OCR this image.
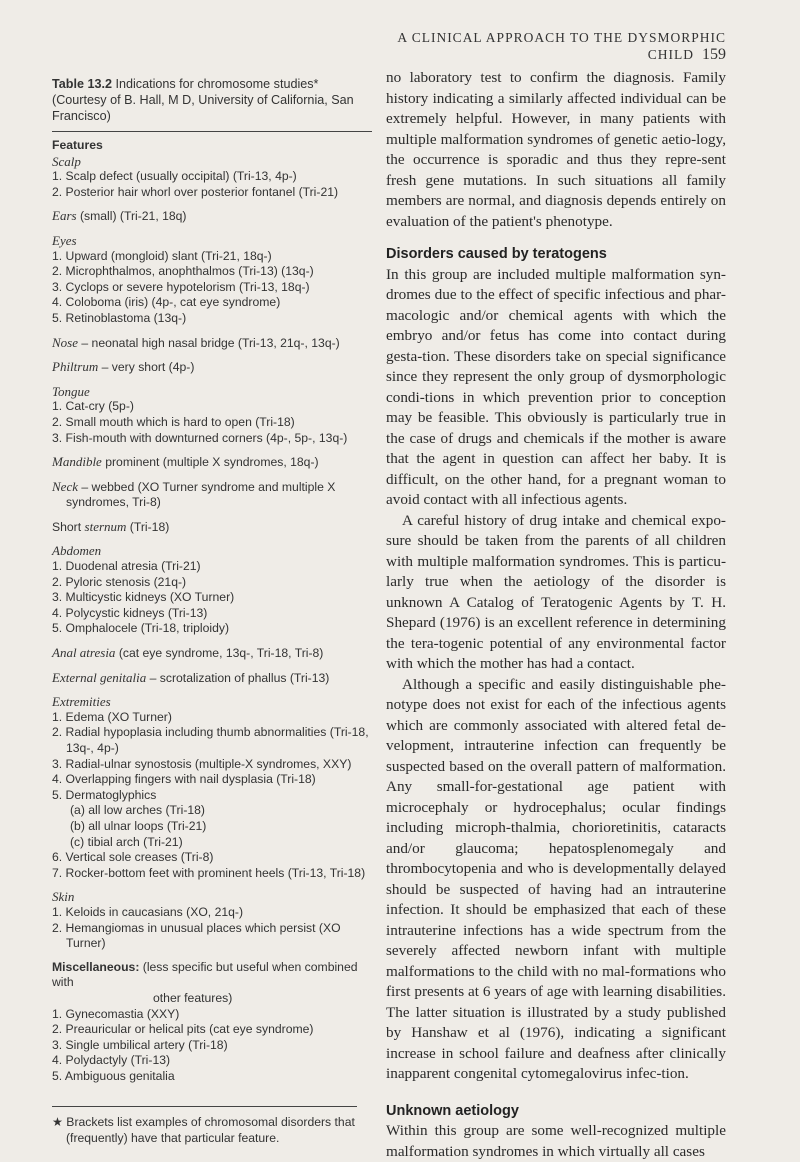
A CLINICAL APPROACH TO THE DYSMORPHIC CHILD 159
Table 13.2 Indications for chromosome studies* (Courtesy of B. Hall, M D, University of California, San Francisco)
Features
Scalp
1. Scalp defect (usually occipital) (Tri-13, 4p-)
2. Posterior hair whorl over posterior fontanel (Tri-21)
Ears (small) (Tri-21, 18q)
Eyes
1. Upward (mongloid) slant (Tri-21, 18q-)
2. Microphthalmos, anophthalmos (Tri-13) (13q-)
3. Cyclops or severe hypotelorism (Tri-13, 18q-)
4. Coloboma (iris) (4p-, cat eye syndrome)
5. Retinoblastoma (13q-)
Nose – neonatal high nasal bridge (Tri-13, 21q-, 13q-)
Philtrum – very short (4p-)
Tongue
1. Cat-cry (5p-)
2. Small mouth which is hard to open (Tri-18)
3. Fish-mouth with downturned corners (4p-, 5p-, 13q-)
Mandible prominent (multiple X syndromes, 18q-)
Neck – webbed (XO Turner syndrome and multiple X syndromes, Tri-8)
Short sternum (Tri-18)
Abdomen
1. Duodenal atresia (Tri-21)
2. Pyloric stenosis (21q-)
3. Multicystic kidneys (XO Turner)
4. Polycystic kidneys (Tri-13)
5. Omphalocele (Tri-18, triploidy)
Anal atresia (cat eye syndrome, 13q-, Tri-18, Tri-8)
External genitalia – scrotalization of phallus (Tri-13)
Extremities
1. Edema (XO Turner)
2. Radial hypoplasia including thumb abnormalities (Tri-18, 13q-, 4p-)
3. Radial-ulnar synostosis (multiple-X syndromes, XXY)
4. Overlapping fingers with nail dysplasia (Tri-18)
5. Dermatoglyphics
(a) all low arches (Tri-18)
(b) all ulnar loops (Tri-21)
(c) tibial arch (Tri-21)
6. Vertical sole creases (Tri-8)
7. Rocker-bottom feet with prominent heels (Tri-13, Tri-18)
Skin
1. Keloids in caucasians (XO, 21q-)
2. Hemangiomas in unusual places which persist (XO Turner)
Miscellaneous: (less specific but useful when combined with
other features)
1. Gynecomastia (XXY)
2. Preauricular or helical pits (cat eye syndrome)
3. Single umbilical artery (Tri-18)
4. Polydactyly (Tri-13)
5. Ambiguous genitalia
★ Brackets list examples of chromosomal disorders that (frequently) have that particular feature.

no laboratory test to confirm the diagnosis. Family history indicating a similarly affected individual can be extremely helpful. However, in many patients with multiple malformation syndromes of genetic aetio-logy, the occurrence is sporadic and thus they repre-sent fresh gene mutations. In such situations all family members are normal, and diagnosis depends entirely on evaluation of the patient's phenotype.

Disorders caused by teratogens

In this group are included multiple malformation syn-dromes due to the effect of specific infectious and phar-macologic and/or chemical agents with which the embryo and/or fetus has come into contact during gesta-tion. These disorders take on special significance since they represent the only group of dysmorphologic condi-tions in which prevention prior to conception may be feasible. This obviously is particularly true in the case of drugs and chemicals if the mother is aware that the agent in question can affect her baby. It is difficult, on the other hand, for a pregnant woman to avoid contact with all infectious agents.

A careful history of drug intake and chemical expo-sure should be taken from the parents of all children with multiple malformation syndromes. This is particu-larly true when the aetiology of the disorder is unknown A Catalog of Teratogenic Agents by T. H. Shepard (1976) is an excellent reference in determining the tera-togenic potential of any environmental factor with which the mother has had a contact.

Although a specific and easily distinguishable phe-notype does not exist for each of the infectious agents which are commonly associated with altered fetal de-velopment, intrauterine infection can frequently be suspected based on the overall pattern of malformation. Any small-for-gestational age patient with microcephaly or hydrocephalus; ocular findings including microph-thalmia, chorioretinitis, cataracts and/or glaucoma; hepatosplenomegaly and thrombocytopenia and who is developmentally delayed should be suspected of having had an intrauterine infection. It should be emphasized that each of these intrauterine infections has a wide spectrum from the severely affected newborn infant with multiple malformations to the child with no mal-formations who first presents at 6 years of age with learning disabilities. The latter situation is illustrated by a study published by Hanshaw et al (1976), indicating a significant increase in school failure and deafness after clinically inapparent congenital cytomegalovirus infec-tion.

Unknown aetiology

Within this group are some well-recognized multiple malformation syndromes in which virtually all cases
